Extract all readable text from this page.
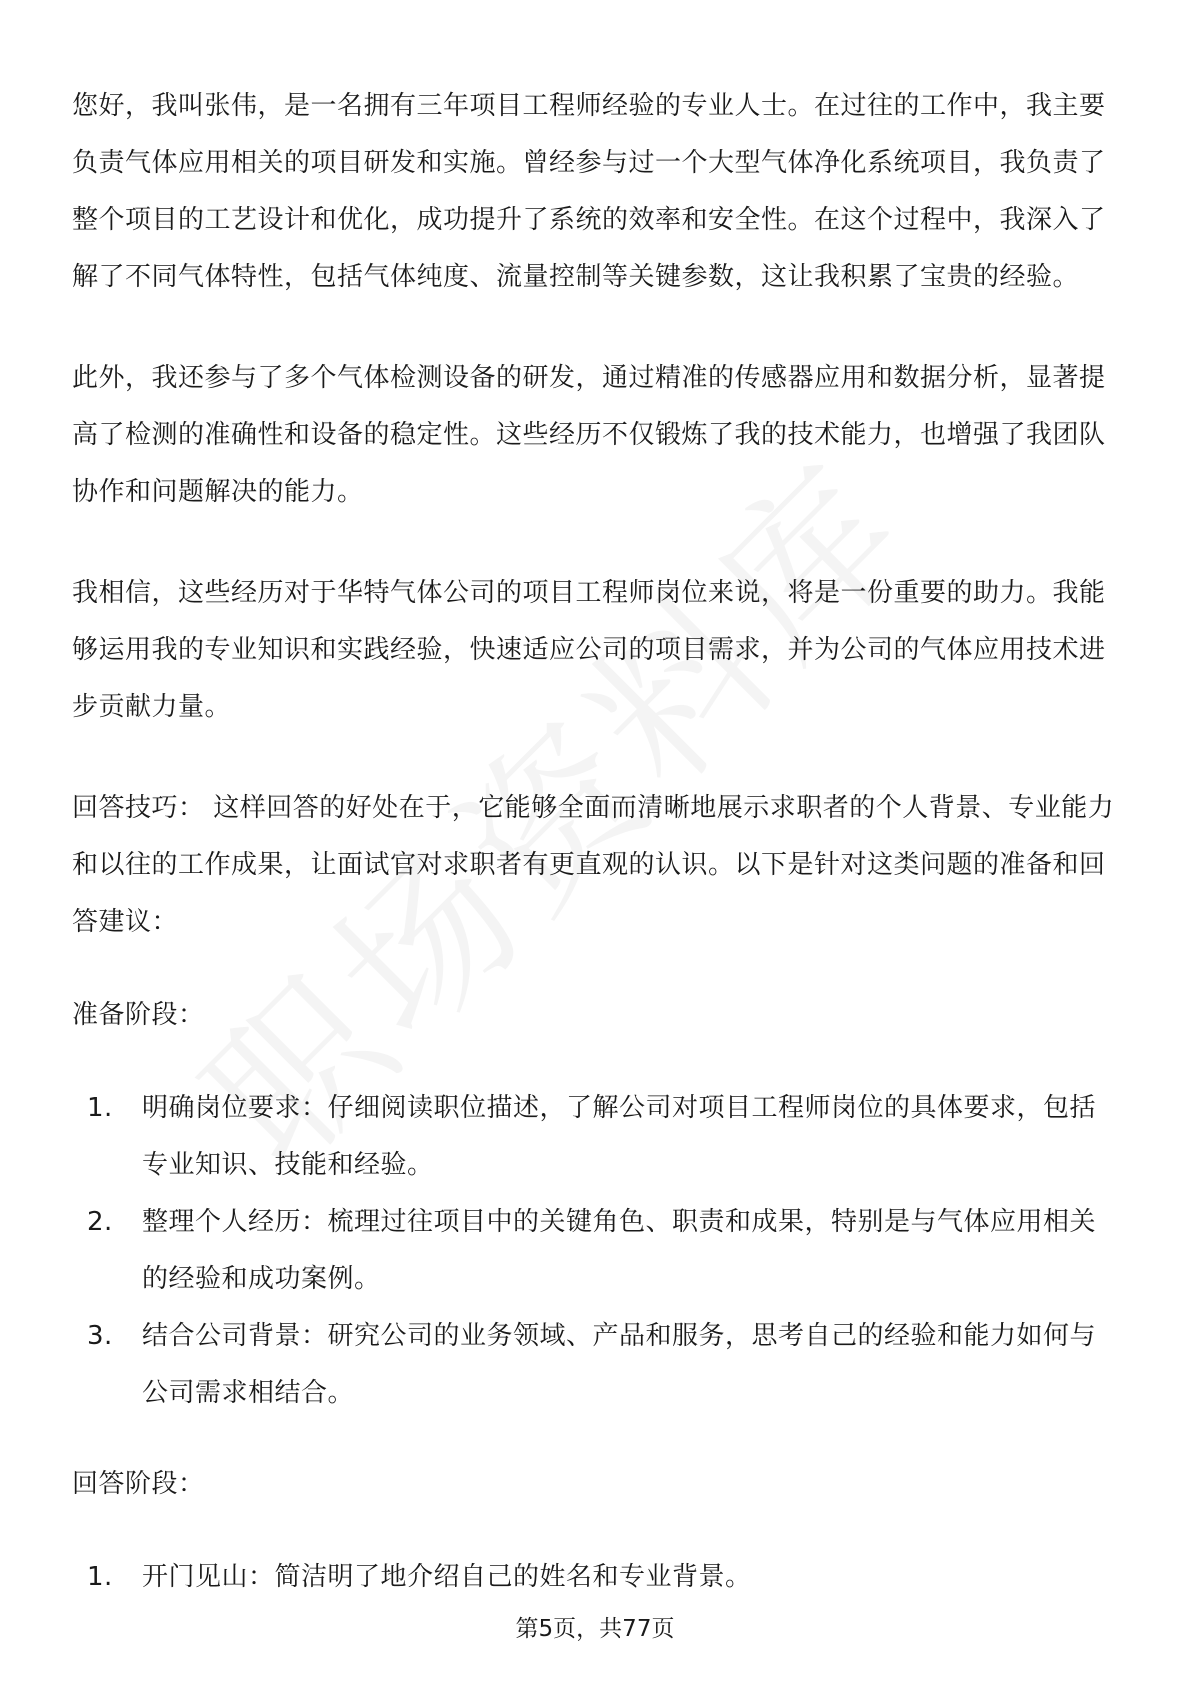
您好，我叫张伟，是一名拥有三年项目工程师经验的专业人士。在过往的工作中，我主要负责气体应用相关的项目研发和实施。曾经参与过一个大型气体净化系统项目，我负责了整个项目的工艺设计和优化，成功提升了系统的效率和安全性。在这个过程中，我深入了解了不同气体特性，包括气体纯度、流量控制等关键参数，这让我积累了宝贵的经验。

此外，我还参与了多个气体检测设备的研发，通过精准的传感器应用和数据分析，显著提高了检测的准确性和设备的稳定性。这些经历不仅锻炼了我的技术能力，也增强了我团队协作和问题解决的能力。

我相信，这些经历对于华特气体公司的项目工程师岗位来说，将是一份重要的助力。我能够运用我的专业知识和实践经验，快速适应公司的项目需求，并为公司的气体应用技术进步贡献力量。

回答技巧： 这样回答的好处在于，它能够全面而清晰地展示求职者的个人背景、专业能力和以往的工作成果，让面试官对求职者有更直观的认识。以下是针对这类问题的准备和回答建议：

准备阶段：

1. 明确岗位要求：仔细阅读职位描述，了解公司对项目工程师岗位的具体要求，包括专业知识、技能和经验。
2. 整理个人经历：梳理过往项目中的关键角色、职责和成果，特别是与气体应用相关的经验和成功案例。
3. 结合公司背景：研究公司的业务领域、产品和服务，思考自己的经验和能力如何与公司需求相结合。

回答阶段：

1. 开门见山：简洁明了地介绍自己的姓名和专业背景。
第5页，共77页
